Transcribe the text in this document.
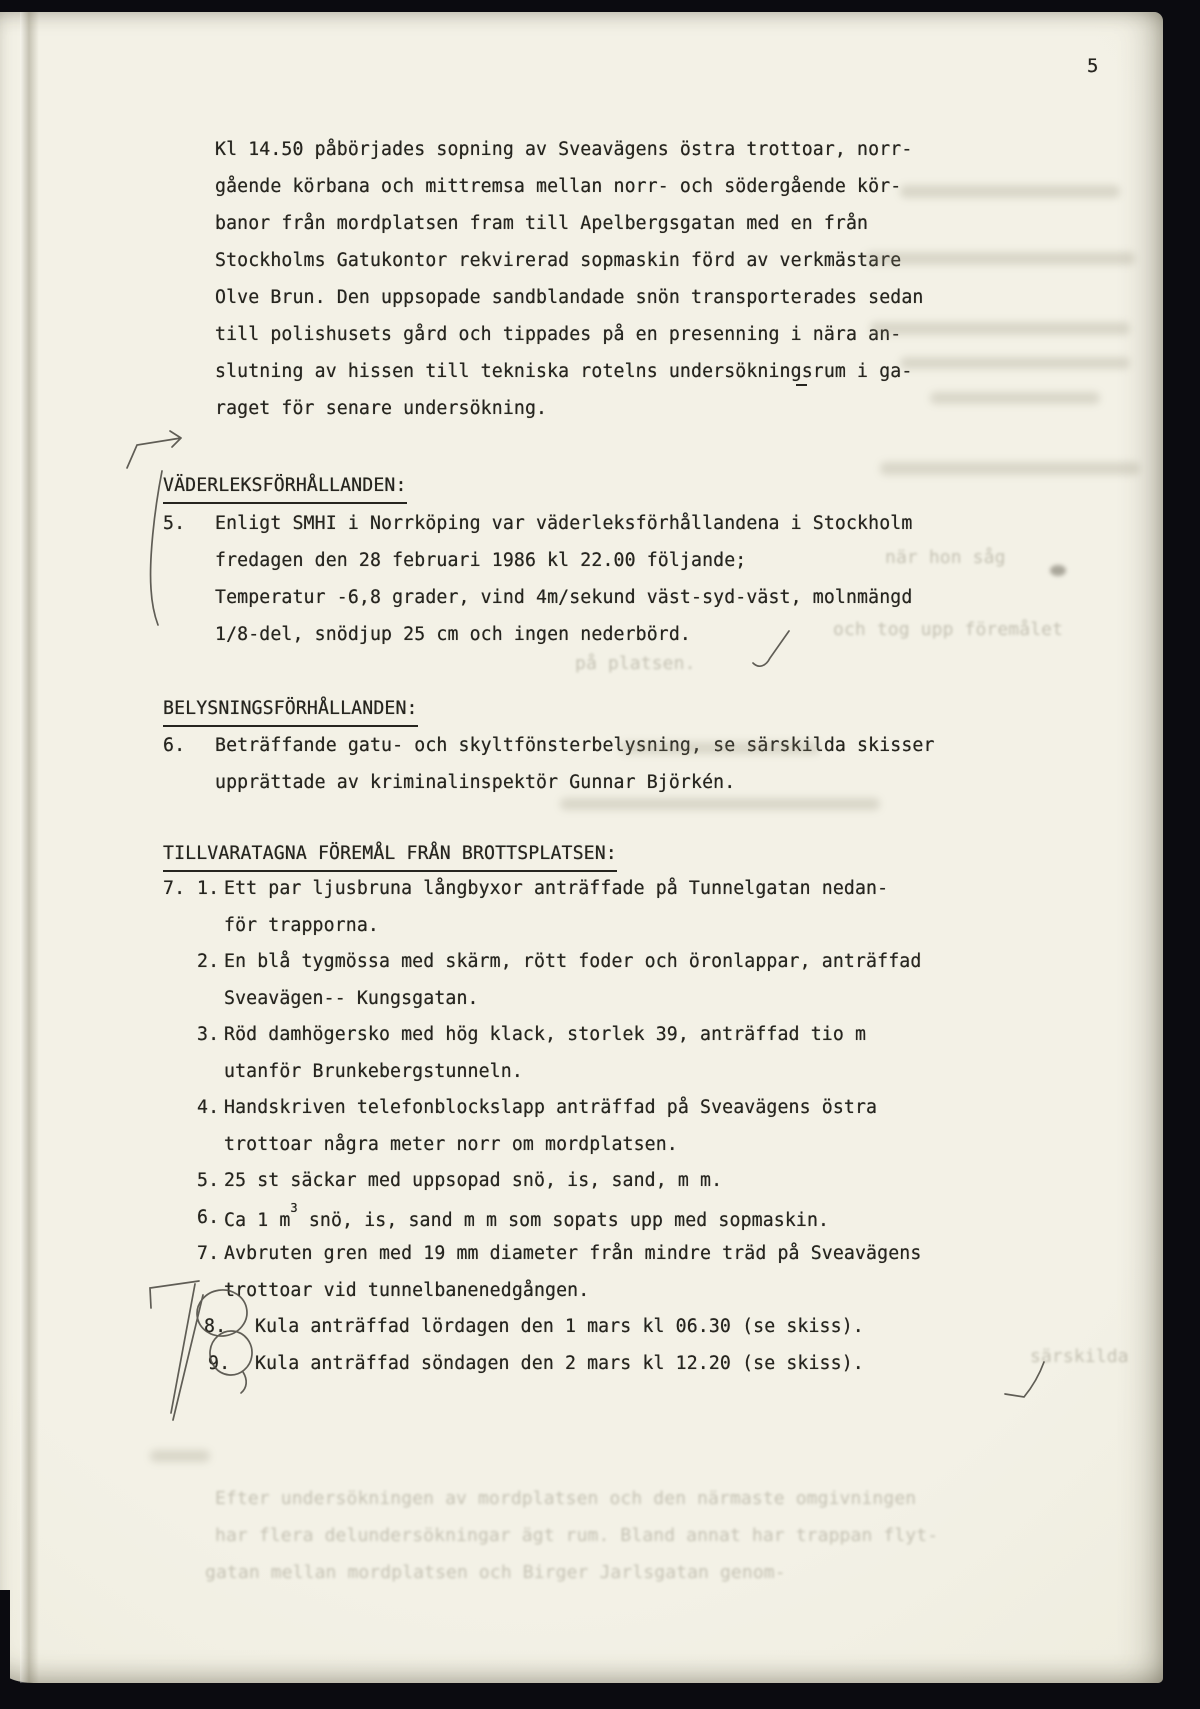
5
Kl 14.50 påbörjades sopning av Sveavägens östra trottoar, norr-
gående körbana och mittremsa mellan norr- och södergående kör-
banor från mordplatsen fram till Apelbergsgatan med en från
Stockholms Gatukontor rekvirerad sopmaskin förd av verkmästare
Olve Brun. Den uppsopade sandblandade snön transporterades sedan
till polishusets gård och tippades på en presenning i nära an-
slutning av hissen till tekniska rotelns undersökningsrum i ga-
raget för senare undersökning.
VÄDERLEKSFÖRHÅLLANDEN:
5. Enligt SMHI i Norrköping var väderleksförhållandena i Stockholm
fredagen den 28 februari 1986 kl 22.00 följande;
Temperatur -6,8 grader, vind 4m/sekund väst-syd-väst, molnmängd
1/8-del, snödjup 25 cm och ingen nederbörd.
BELYSNINGSFÖRHÅLLANDEN:
6. Beträffande gatu- och skyltfönsterbelysning, se särskilda skisser
upprättade av kriminalinspektör Gunnar Björkén.
TILLVARATAGNA FÖREMÅL FRÅN BROTTSPLATSEN:
7. 1. Ett par ljusbruna långbyxor anträffade på Tunnelgatan nedan-
för trapporna.
2. En blå tygmössa med skärm, rött foder och öronlappar, anträffad
Sveavägen-- Kungsgatan.
3. Röd damhögersko med hög klack, storlek 39, anträffad tio m
utanför Brunkebergstunneln.
4. Handskriven telefonblockslapp anträffad på Sveavägens östra
trottoar några meter norr om mordplatsen.
5. 25 st säckar med uppsopad snö, is, sand, m m.
6. Ca 1 $m^3$ snö, is, sand m m som sopats upp med sopmaskin.
7. Avbruten gren med 19 mm diameter från mindre träd på Sveavägens
trottoar vid tunnelbanenedgången.
8. Kula anträffad lördagen den 1 mars kl 06.30 (se skiss).
9. Kula anträffad söndagen den 2 mars kl 12.20 (se skiss).
när hon såg
och tog upp föremålet
på platsen.
särskilda
Efter undersökningen av mordplatsen och den närmaste omgivningen
har flera delundersökningar ägt rum. Bland annat har trappan flyt-
gatan mellan mordplatsen och Birger Jarlsgatan genom-
